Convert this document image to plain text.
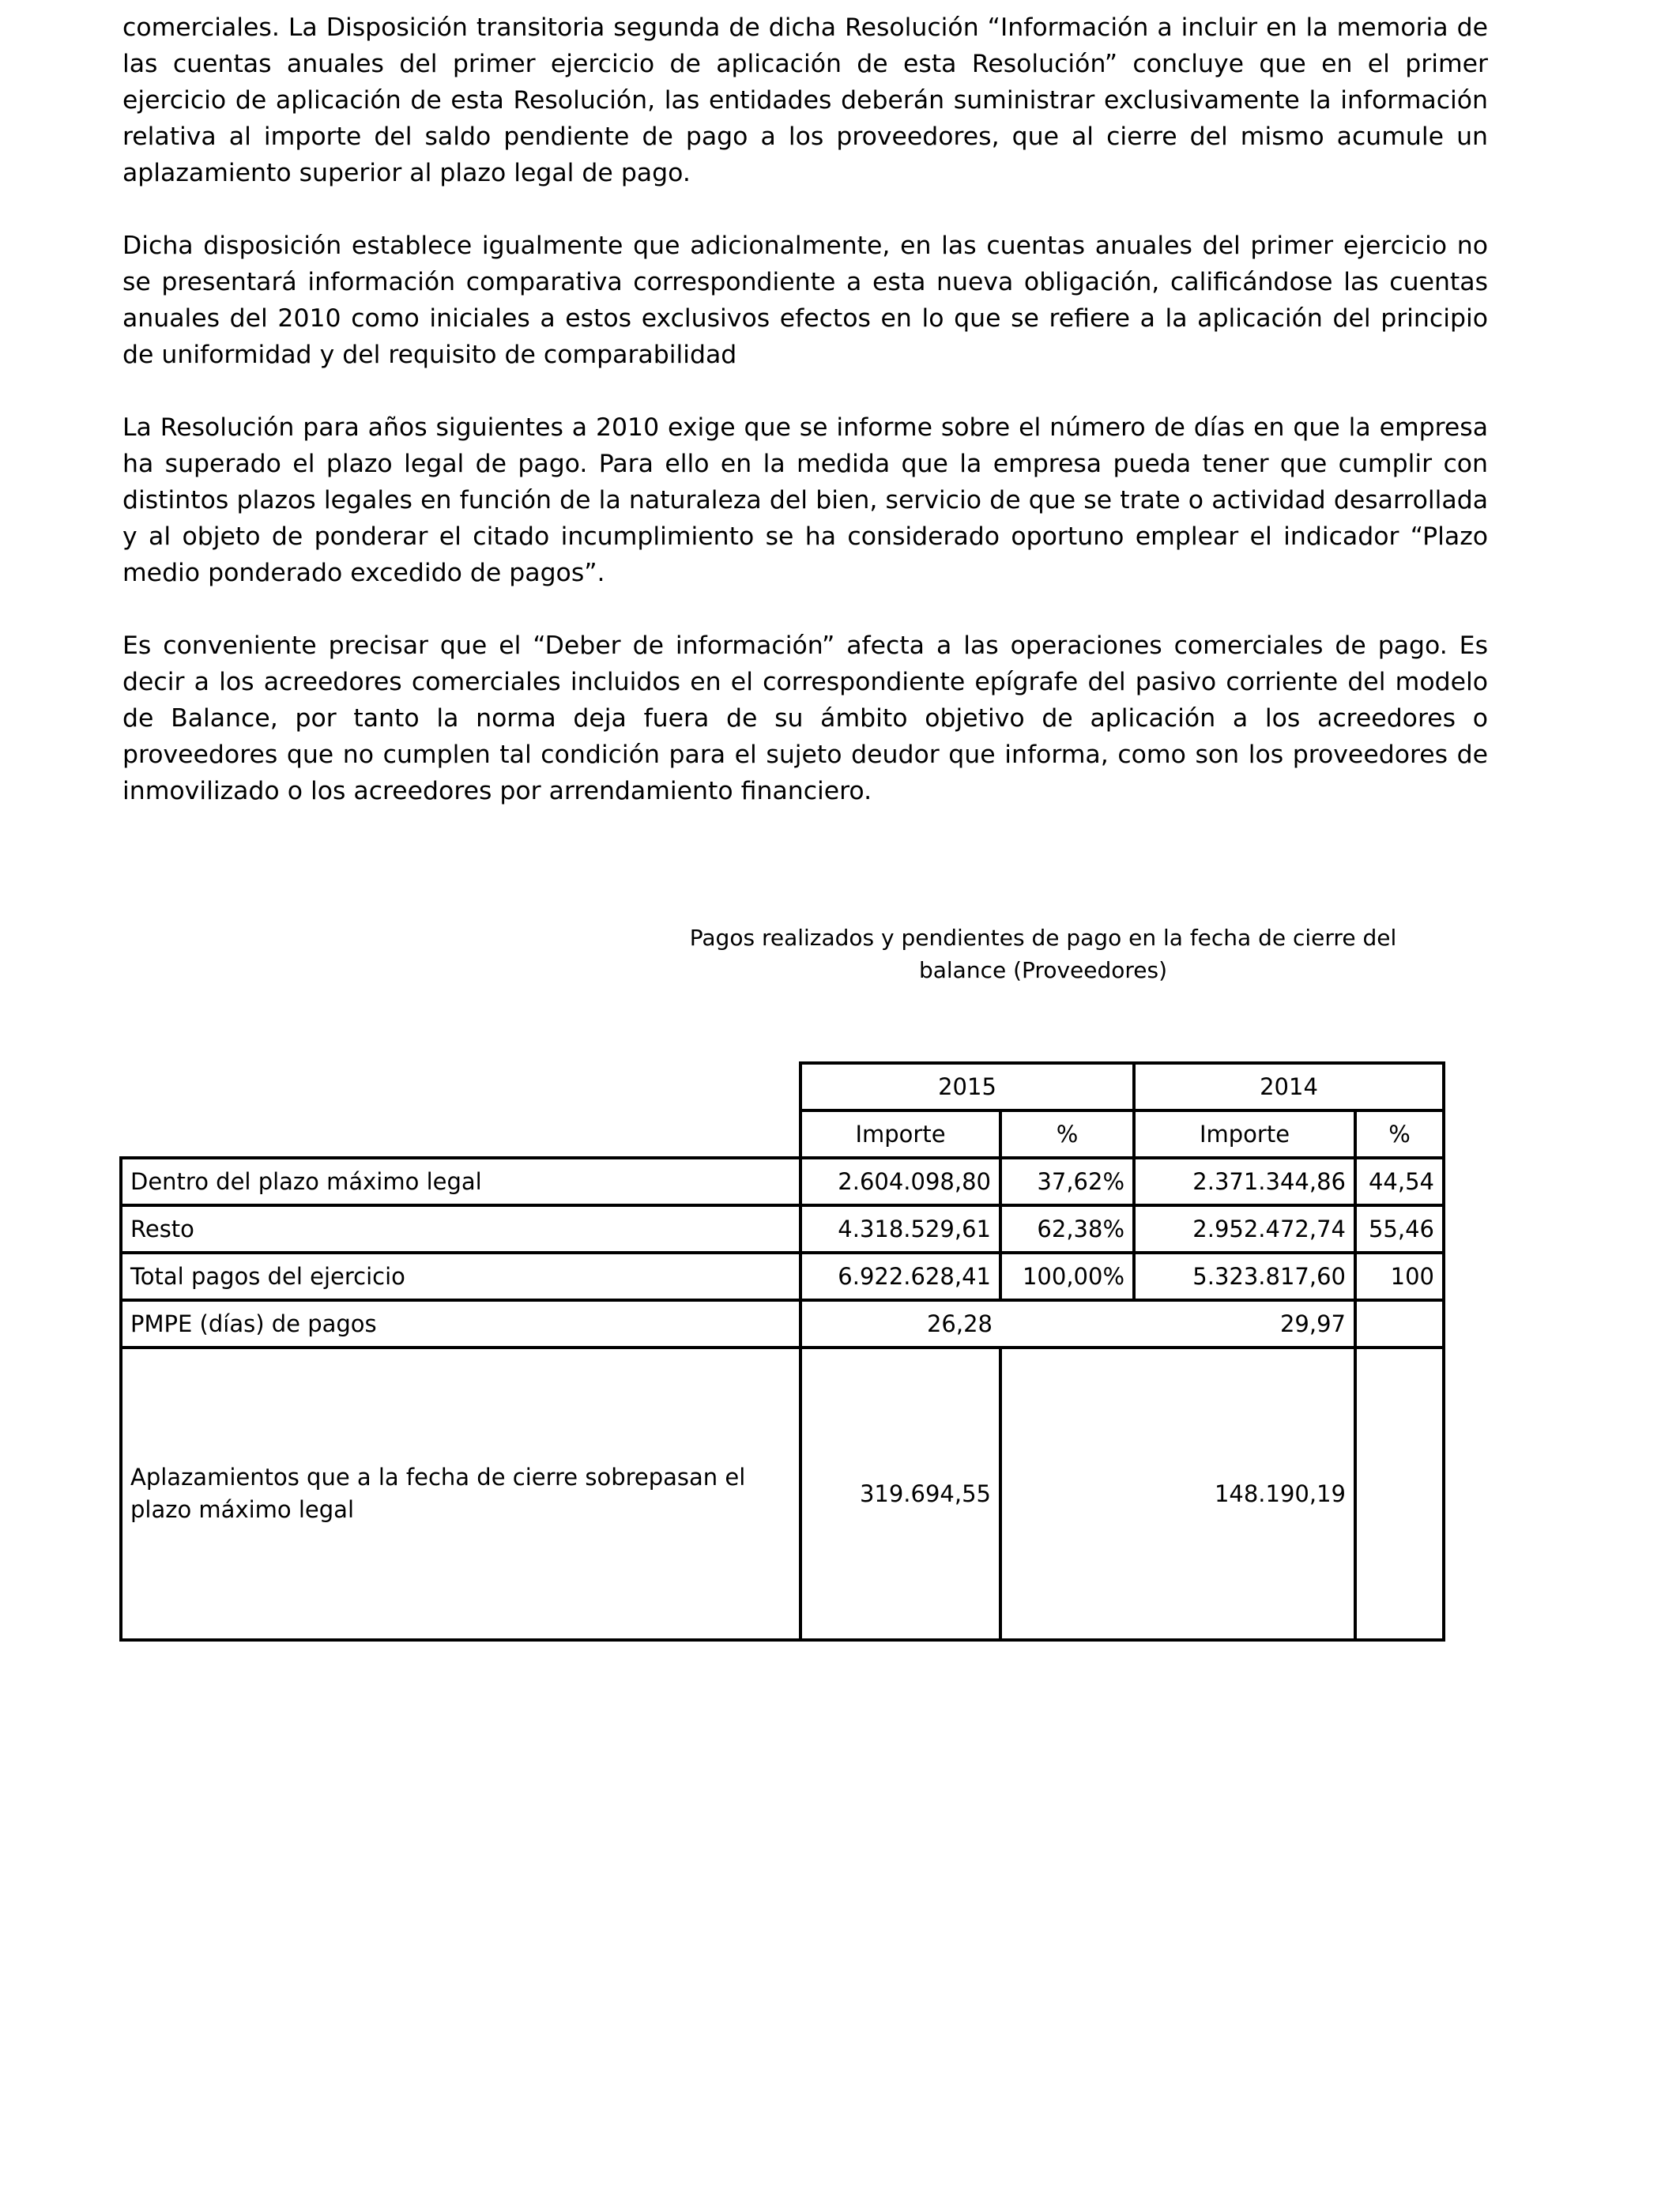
comerciales. La Disposición transitoria segunda de dicha Resolución “Información a incluir en la memoria de las cuentas anuales del primer ejercicio de aplicación de esta Resolución” concluye que en el primer ejercicio de aplicación de esta Resolución, las entidades deberán suministrar exclusivamente la información relativa al importe del saldo pendiente de pago a los proveedores, que al cierre del mismo acumule un aplazamiento superior al plazo legal de pago.

Dicha disposición establece igualmente que adicionalmente, en las cuentas anuales del primer ejercicio no se presentará información comparativa correspondiente a esta nueva obligación, calificándose las cuentas anuales del 2010 como iniciales a estos exclusivos efectos en lo que se refiere a la aplicación del principio de uniformidad y del requisito de comparabilidad

La Resolución para años siguientes a 2010 exige que se informe sobre el número de días en que la empresa ha superado el plazo legal de pago. Para ello en la medida que la empresa pueda tener que cumplir con distintos plazos legales en función de la naturaleza del bien, servicio de que se trate o actividad desarrollada y al objeto de ponderar el citado incumplimiento se ha considerado oportuno emplear el indicador “Plazo medio ponderado excedido de pagos”.

Es conveniente precisar que el “Deber de información” afecta a las operaciones comerciales de pago. Es decir a los acreedores comerciales incluidos en el correspondiente epígrafe del pasivo corriente del modelo de Balance, por tanto la norma deja fuera de su ámbito objetivo de aplicación a los acreedores o proveedores que no cumplen tal condición para el sujeto deudor que informa, como son los proveedores de inmovilizado o los acreedores por arrendamiento financiero.

Pagos realizados y pendientes de pago en la fecha de cierre del balance (Proveedores)
	2015		2014	
	Importe	%	Importe	%
Dentro del plazo máximo legal	2.604.098,80	37,62%	2.371.344,86	44,54
Resto	4.318.529,61	62,38%	2.952.472,74	55,46
Total pagos del ejercicio	6.922.628,41	100,00%	5.323.817,60	100
PMPE (días) de pagos	26,28		29,97	
Aplazamientos que a la fecha de cierre sobrepasan el plazo máximo legal	319.694,55		148.190,19	
